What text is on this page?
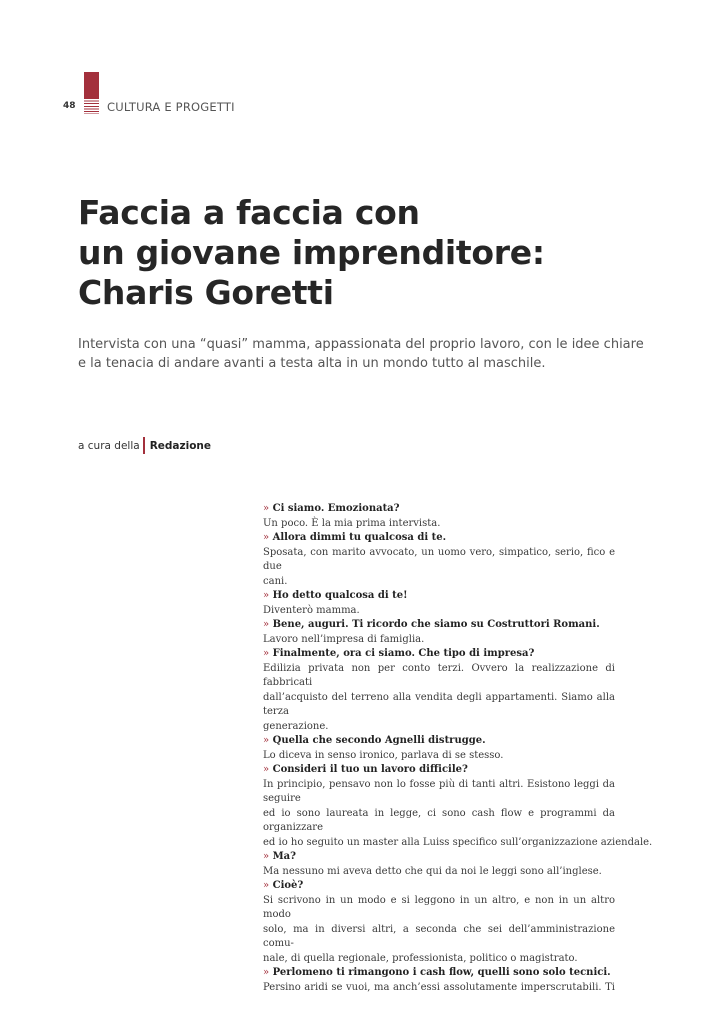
48	CULTURA E PROGETTI
Faccia a faccia con
un giovane imprenditore:
Charis Goretti
Intervista con una “quasi” mamma, appassionata del proprio lavoro, con le idee chiare
e la tenacia di andare avanti a testa alta in un mondo tutto al maschile.
a cura della Redazione

» Ci siamo. Emozionata?

Un poco. È la mia prima intervista.

» Allora dimmi tu qualcosa di te.

Sposata, con marito avvocato, un uomo vero, simpatico, serio, fico e due
cani.

» Ho detto qualcosa di te!

Diventerò mamma.

» Bene, auguri. Ti ricordo che siamo su Costruttori Romani.

Lavoro nell’impresa di famiglia.

» Finalmente, ora ci siamo. Che tipo di impresa?

Edilizia privata non per conto terzi. Ovvero la realizzazione di fabbricati
dall’acquisto del terreno alla vendita degli appartamenti. Siamo alla terza
generazione.

» Quella che secondo Agnelli distrugge.

Lo diceva in senso ironico, parlava di se stesso.

» Consideri il tuo un lavoro difficile?

In principio, pensavo non lo fosse più di tanti altri. Esistono leggi da seguire
ed io sono laureata in legge, ci sono cash flow e programmi da organizzare
ed io ho seguito un master alla Luiss specifico sull’organizzazione aziendale.

» Ma?

Ma nessuno mi aveva detto che qui da noi le leggi sono all’inglese.

» Cioè?

Si scrivono in un modo e si leggono in un altro, e non in un altro modo
solo, ma in diversi altri, a seconda che sei dell’amministrazione comu-
nale, di quella regionale, professionista, politico o magistrato.

» Perlomeno ti rimangono i cash flow, quelli sono solo tecnici.

Persino aridi se vuoi, ma anch’essi assolutamente imperscrutabili. Ti
